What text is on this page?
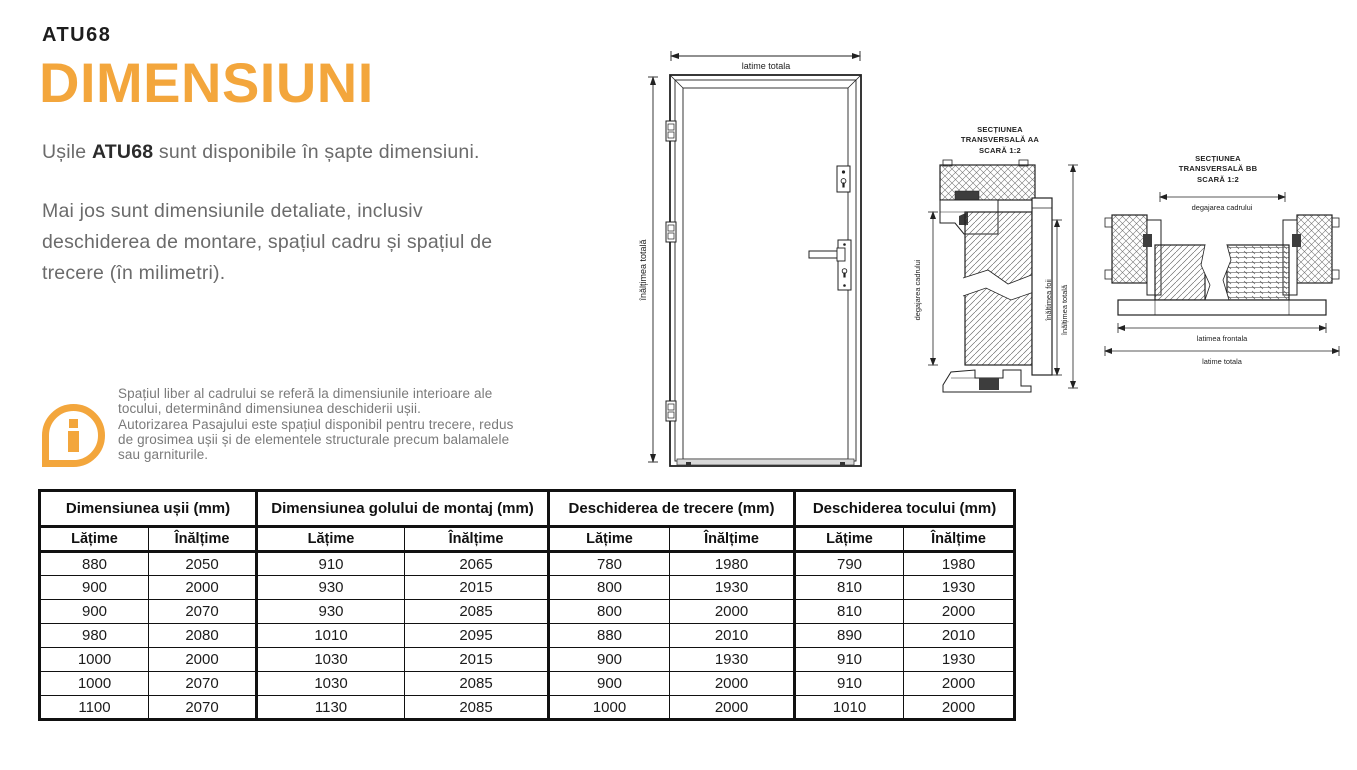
ATU68
DIMENSIUNI

Ușile ATU68 sunt disponibile în șapte dimensiuni.

Mai jos sunt dimensiunile detaliate, inclusiv
deschiderea de montare, spațiul cadru și spațiul de
trecere (în milimetri).
Spațiul liber al cadrului se referă la dimensiunile interioare ale
tocului, determinând dimensiunea deschiderii ușii.
Autorizarea Pasajului este spațiul disponibil pentru trecere, redus
de grosimea ușii și de elementele structurale precum balamalele
sau garniturile.
latime totala
înălțimea totală
SECȚIUNEA
TRANSVERSALĂ AA
SCARĂ 1:2
degajarea cadrului	înălțimea foii înălțimea totală
SECȚIUNEA
TRANSVERSALĂ BB
SCARĂ 1:2
degajarea cadrului
latimea frontala
latime totala
Dimensiunea ușii (mm)		Dimensiunea golului de montaj (mm)		Deschiderea de trecere (mm)		Deschiderea tocului (mm)	
Lățime	Înălțime	Lățime	Înălțime	Lățime	Înălțime	Lățime	Înălțime
880	2050	910	2065	780	1980	790	1980
900	2000	930	2015	800	1930	810	1930
900	2070	930	2085	800	2000	810	2000
980	2080	1010	2095	880	2010	890	2010
1000	2000	1030	2015	900	1930	910	1930
1000	2070	1030	2085	900	2000	910	2000
1100	2070	1130	2085	1000	2000	1010	2000
